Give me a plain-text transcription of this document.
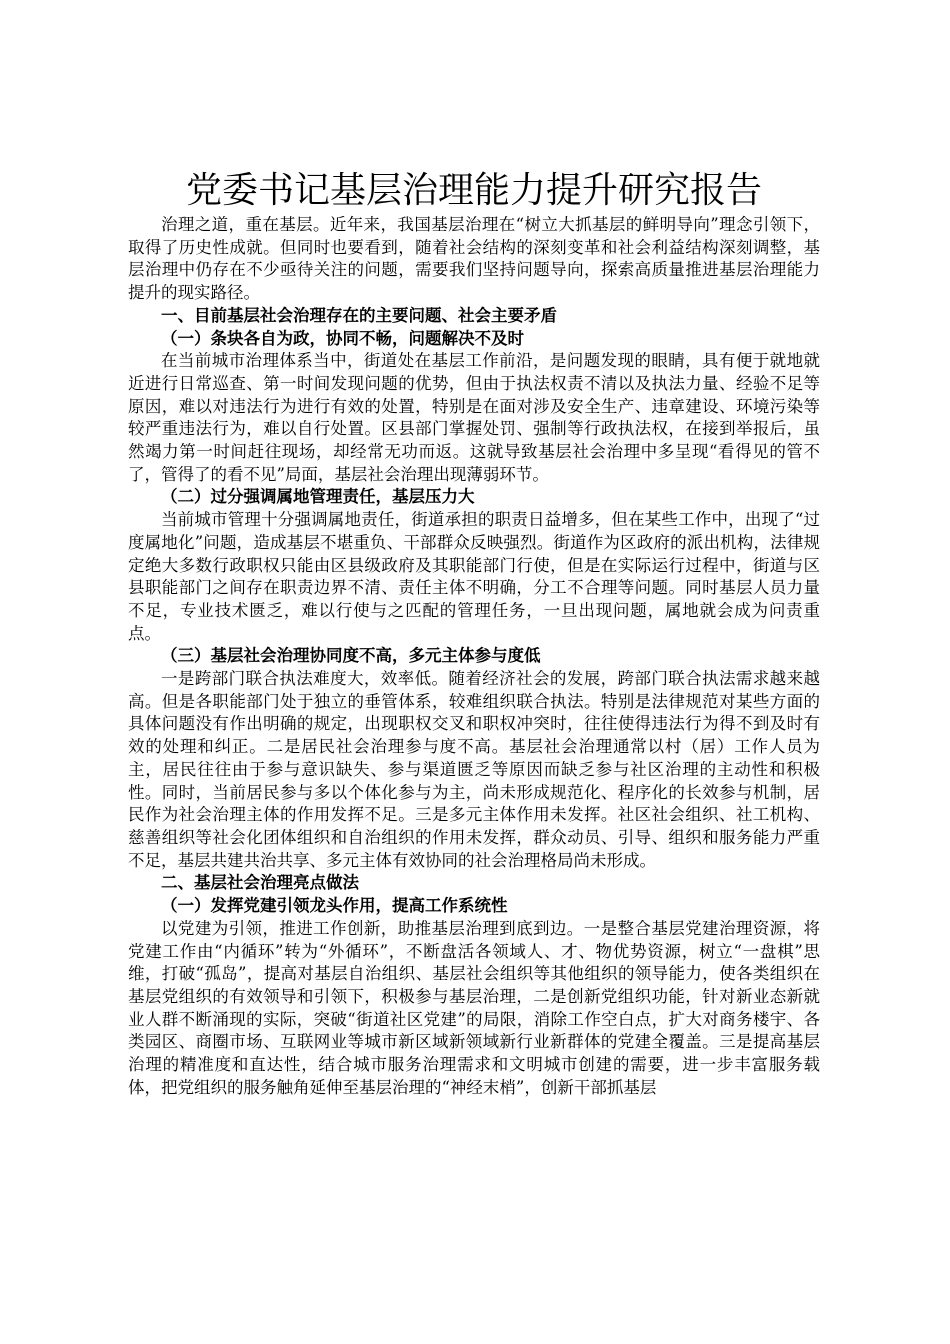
党委书记基层治理能力提升研究报告

治理之道，重在基层。近年来，我国基层治理在“树立大抓基层的鲜明导向”理念引领下，取得了历史性成就。但同时也要看到，随着社会结构的深刻变革和社会利益结构深刻调整，基层治理中仍存在不少亟待关注的问题，需要我们坚持问题导向，探索高质量推进基层治理能力提升的现实路径。

一、目前基层社会治理存在的主要问题、社会主要矛盾

（一）条块各自为政，协同不畅，问题解决不及时

在当前城市治理体系当中，街道处在基层工作前沿，是问题发现的眼睛，具有便于就地就近进行日常巡查、第一时间发现问题的优势，但由于执法权责不清以及执法力量、经验不足等原因，难以对违法行为进行有效的处置，特别是在面对涉及安全生产、违章建设、环境污染等较严重违法行为，难以自行处置。区县部门掌握处罚、强制等行政执法权，在接到举报后，虽然竭力第一时间赶往现场，却经常无功而返。这就导致基层社会治理中多呈现“看得见的管不了，管得了的看不见”局面，基层社会治理出现薄弱环节。

（二）过分强调属地管理责任，基层压力大

当前城市管理十分强调属地责任，街道承担的职责日益增多，但在某些工作中，出现了“过度属地化”问题，造成基层不堪重负、干部群众反映强烈。街道作为区政府的派出机构，法律规定绝大多数行政职权只能由区县级政府及其职能部门行使，但是在实际运行过程中，街道与区县职能部门之间存在职责边界不清、责任主体不明确，分工不合理等问题。同时基层人员力量不足，专业技术匮乏，难以行使与之匹配的管理任务，一旦出现问题，属地就会成为问责重点。

（三）基层社会治理协同度不高，多元主体参与度低

一是跨部门联合执法难度大，效率低。随着经济社会的发展，跨部门联合执法需求越来越高。但是各职能部门处于独立的垂管体系，较难组织联合执法。特别是法律规范对某些方面的具体问题没有作出明确的规定，出现职权交叉和职权冲突时，往往使得违法行为得不到及时有效的处理和纠正。二是居民社会治理参与度不高。基层社会治理通常以村（居）工作人员为主，居民往往由于参与意识缺失、参与渠道匮乏等原因而缺乏参与社区治理的主动性和积极性。同时，当前居民参与多以个体化参与为主，尚未形成规范化、程序化的长效参与机制，居民作为社会治理主体的作用发挥不足。三是多元主体作用未发挥。社区社会组织、社工机构、慈善组织等社会化团体组织和自治组织的作用未发挥，群众动员、引导、组织和服务能力严重不足，基层共建共治共享、多元主体有效协同的社会治理格局尚未形成。

二、基层社会治理亮点做法

（一）发挥党建引领龙头作用，提高工作系统性

以党建为引领，推进工作创新，助推基层治理到底到边。一是整合基层党建治理资源，将党建工作由“内循环”转为“外循环”，不断盘活各领域人、才、物优势资源，树立“一盘棋”思维，打破“孤岛”，提高对基层自治组织、基层社会组织等其他组织的领导能力，使各类组织在基层党组织的有效领导和引领下，积极参与基层治理，二是创新党组织功能，针对新业态新就业人群不断涌现的实际，突破“街道社区党建”的局限，消除工作空白点，扩大对商务楼宇、各类园区、商圈市场、互联网业等城市新区域新领域新行业新群体的党建全覆盖。三是提高基层治理的精准度和直达性，结合城市服务治理需求和文明城市创建的需要，进一步丰富服务载体，把党组织的服务触角延伸至基层治理的“神经末梢”，创新干部抓基层
